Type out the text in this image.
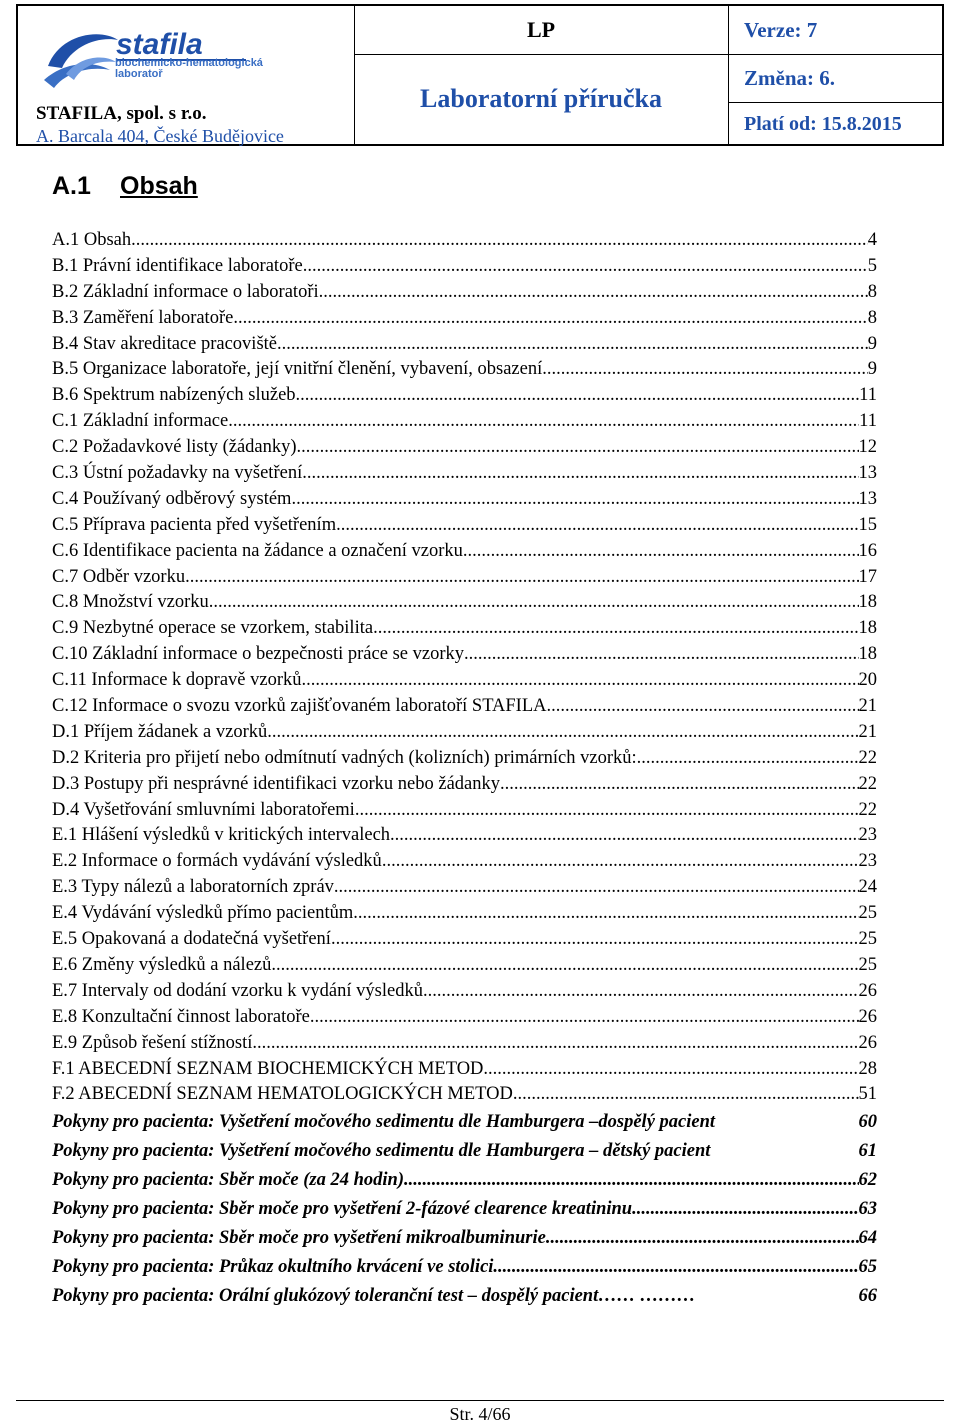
stafila
biochemicko-hematologická
laboratoř
STAFILA, spol. s r.o.
A. Barcala 404, České Budějovice
LP
Laboratorní příručka
Verze: 7
Změna: 6.
Platí od: 15.8.2015
A.1 Obsah
A.1 Obsah .....	4
B.1 Právní identifikace laboratoře .....	5
B.2 Základní informace o laboratoři .....	8
B.3 Zaměření laboratoře .....	8
B.4 Stav akreditace pracoviště .....	9
B.5 Organizace laboratoře, její vnitřní členění, vybavení, obsazení .....	9
B.6 Spektrum nabízených služeb .....	11
C.1 Základní informace .....	11
C.2 Požadavkové listy (žádanky) .....	12
C.3 Ústní požadavky na vyšetření .....	13
C.4 Používaný odběrový systém .....	13
C.5 Příprava pacienta před vyšetřením .....	15
C.6 Identifikace pacienta na žádance a označení vzorku .....	16
C.7 Odběr vzorku .....	17
C.8 Množství vzorku .....	18
C.9 Nezbytné operace se vzorkem, stabilita .....	18
C.10 Základní informace o bezpečnosti práce se vzorky .....	18
C.11 Informace k dopravě vzorků .....	20
C.12 Informace o svozu vzorků zajišťovaném laboratoří STAFILA .....	21
D.1 Příjem žádanek a vzorků .....	21
D.2 Kriteria pro přijetí nebo odmítnutí vadných (kolizních) primárních vzorků: .....	22
D.3 Postupy při nesprávné identifikaci vzorku nebo žádanky .....	22
D.4 Vyšetřování smluvními laboratořemi .....	22
E.1 Hlášení výsledků v kritických intervalech .....	23
E.2 Informace o formách vydávání výsledků .....	23
E.3 Typy nálezů a laboratorních zpráv .....	24
E.4 Vydávání výsledků přímo pacientům .....	25
E.5 Opakovaná a dodatečná vyšetření .....	25
E.6 Změny výsledků a nálezů .....	25
E.7 Intervaly od dodání vzorku k vydání výsledků .....	26
E.8 Konzultační činnost laboratoře .....	26
E.9 Způsob řešení stížností .....	26
F.1 ABECEDNÍ SEZNAM BIOCHEMICKÝCH METOD .....	28
F.2 ABECEDNÍ SEZNAM HEMATOLOGICKÝCH METOD .....	51
Pokyny pro pacienta: Vyšetření močového sedimentu dle Hamburgera –dospělý pacient	60
Pokyny pro pacienta: Vyšetření močového sedimentu dle Hamburgera – dětský pacient	61
Pokyny pro pacienta: Sběr moče (za 24 hodin) .....	62
Pokyny pro pacienta: Sběr moče pro vyšetření 2-fázové clearence kreatininu .....	63
Pokyny pro pacienta: Sběr moče pro vyšetření mikroalbuminurie .....	64
Pokyny pro pacienta: Průkaz okultního krvácení ve stolici .....	65
Pokyny pro pacienta: Orální glukózový toleranční test – dospělý pacient…… ………	66
Str. 4/66
